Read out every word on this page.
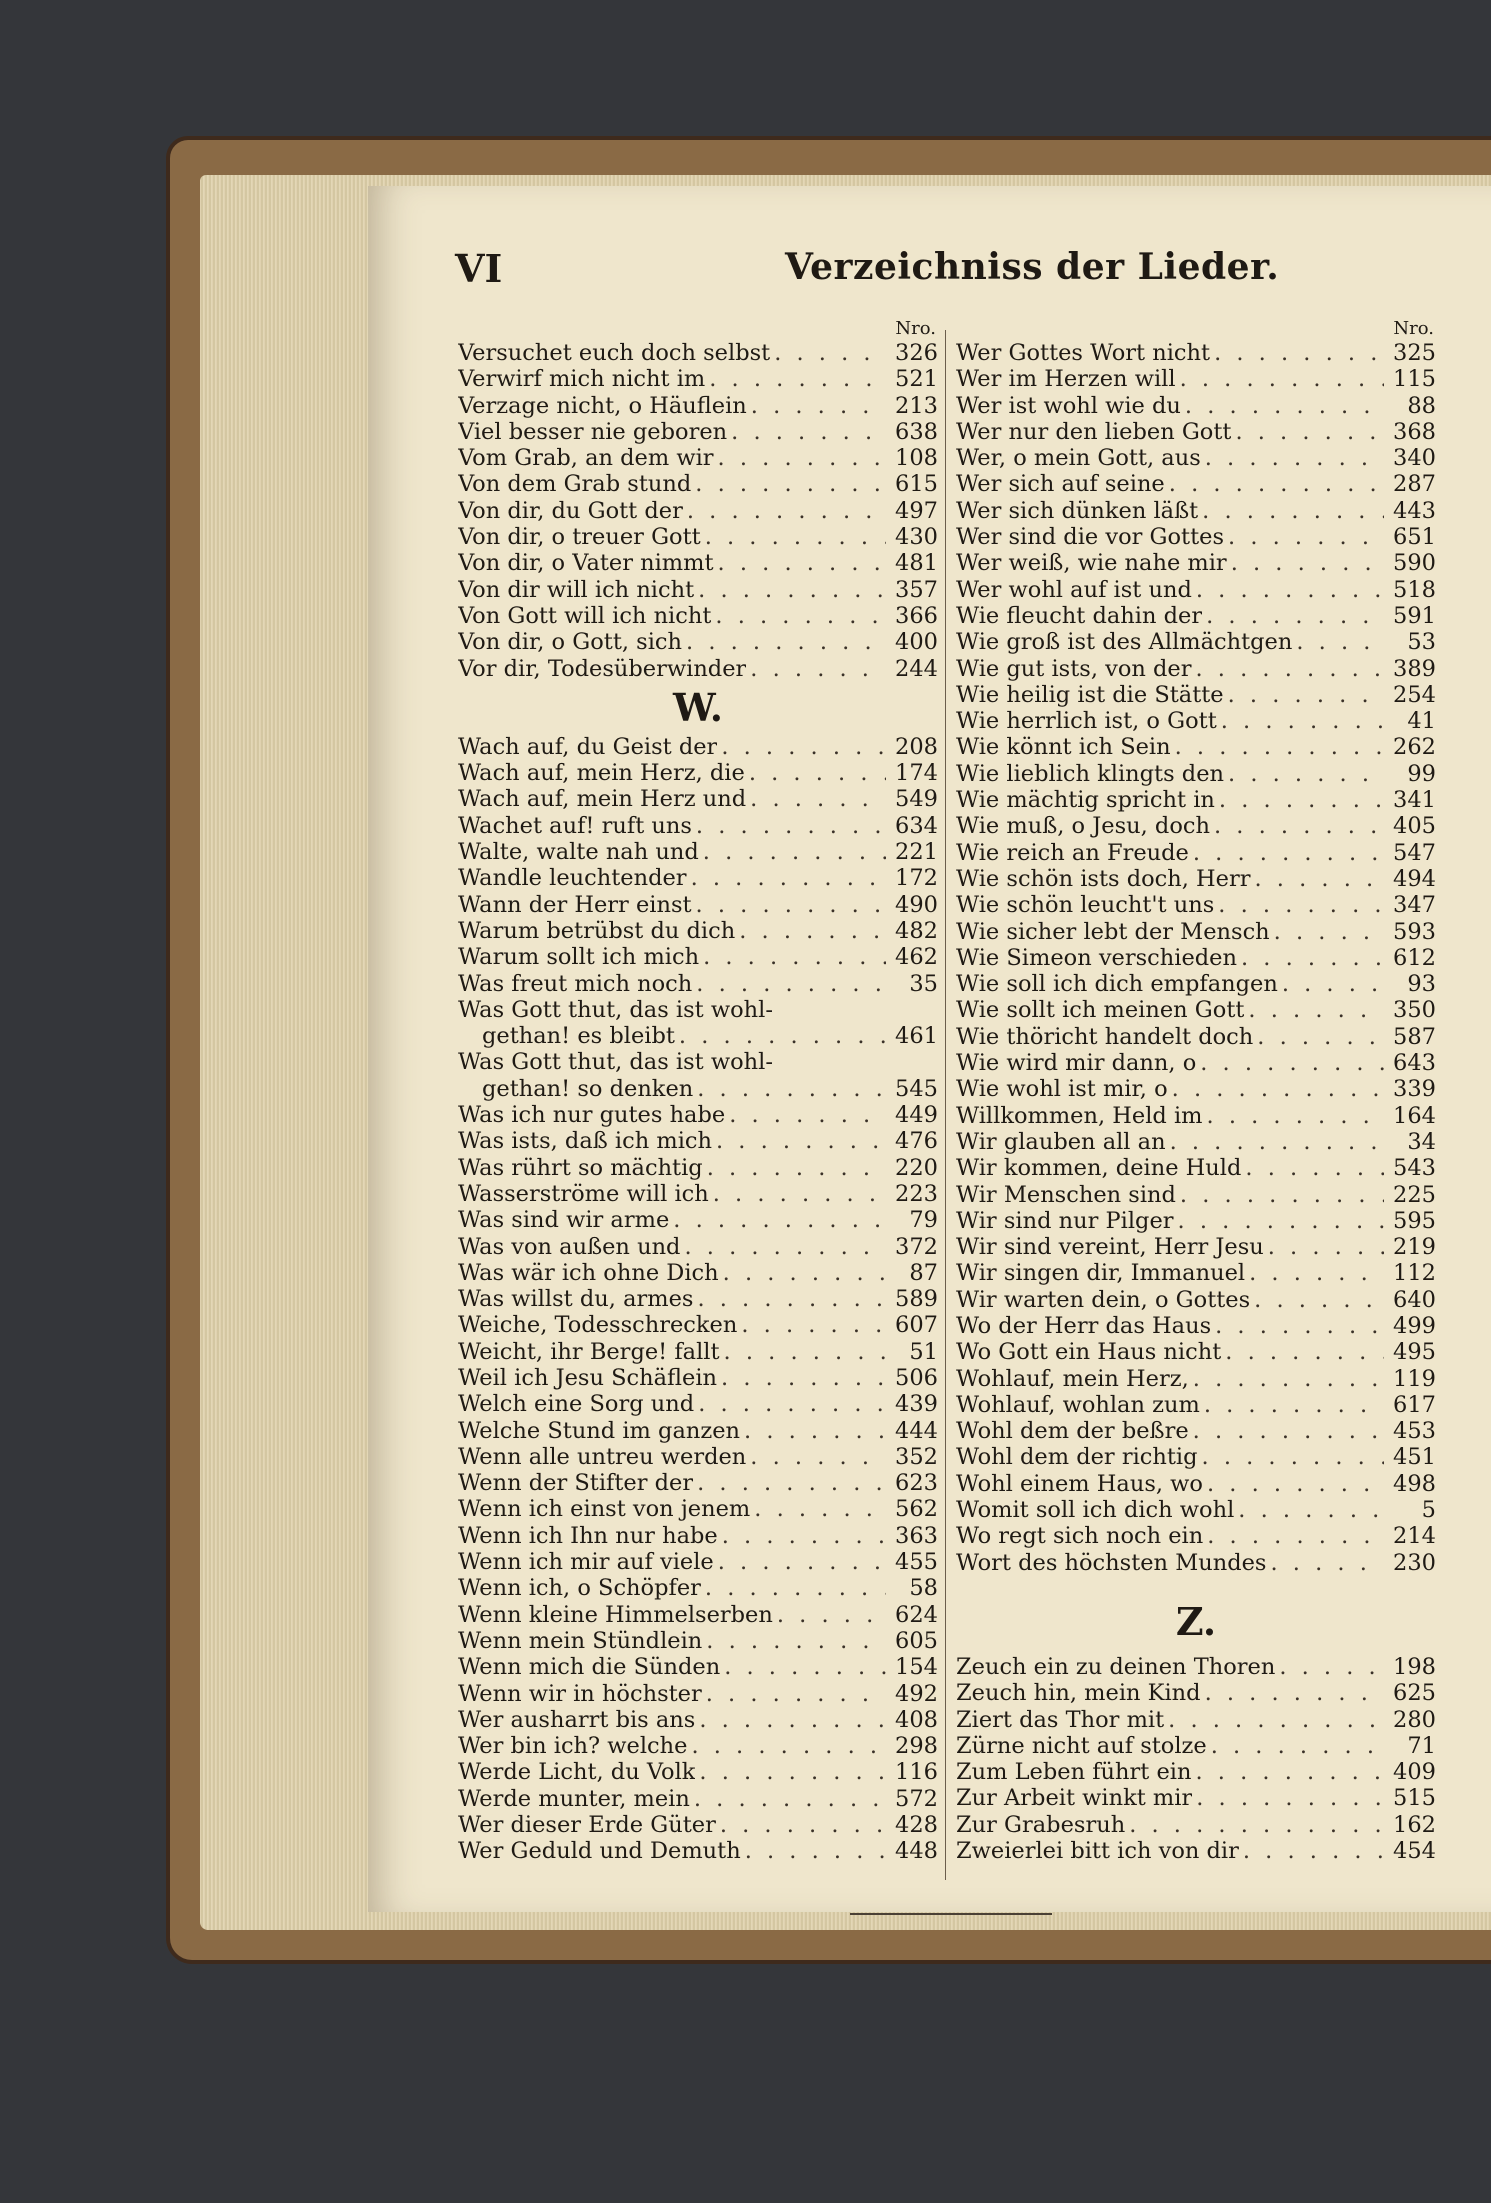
VI	Verzeichniss der Lieder.
Nro.
Versuchet euch doch selbst . . .	326
Verwirf mich nicht im . . .	521
Verzage nicht, o Häuflein . . .	213
Viel besser nie geboren . . .	638
Vom Grab, an dem wir . . .	108
Von dem Grab stund . . .	615
Von dir, du Gott der . . .	497
Von dir, o treuer Gott . . .	430
Von dir, o Vater nimmt . . .	481
Von dir will ich nicht . . .	357
Von Gott will ich nicht . . .	366
Von dir, o Gott, sich . . .	400
Vor dir, Todesüberwinder . . .	244
W.
Wach auf, du Geist der . . .	208
Wach auf, mein Herz, die . . .	174
Wach auf, mein Herz und . . .	549
Wachet auf! ruft uns . . .	634
Walte, walte nah und . . .	221
Wandle leuchtender . . .	172
Wann der Herr einst . . .	490
Warum betrübst du dich . . .	482
Warum sollt ich mich . . .	462
Was freut mich noch . . .	35
Was Gott thut, das ist wohl-
gethan! es bleibt . . .	461
Was Gott thut, das ist wohl-
gethan! so denken . . .	545
Was ich nur gutes habe . . .	449
Was ists, daß ich mich . . .	476
Was rührt so mächtig . . .	220
Wasserströme will ich . . .	223
Was sind wir arme . . .	79
Was von außen und . . .	372
Was wär ich ohne Dich . . .	87
Was willst du, armes . . .	589
Weiche, Todesschrecken . . .	607
Weicht, ihr Berge! fallt . . .	51
Weil ich Jesu Schäflein . . .	506
Welch eine Sorg und . . .	439
Welche Stund im ganzen . . .	444
Wenn alle untreu werden . . .	352
Wenn der Stifter der . . .	623
Wenn ich einst von jenem . . .	562
Wenn ich Ihn nur habe . . .	363
Wenn ich mir auf viele . . .	455
Wenn ich, o Schöpfer . . .	58
Wenn kleine Himmelserben . . .	624
Wenn mein Stündlein . . .	605
Wenn mich die Sünden . . .	154
Wenn wir in höchster . . .	492
Wer ausharrt bis ans . . .	408
Wer bin ich? welche . . .	298
Werde Licht, du Volk . . .	116
Werde munter, mein . . .	572
Wer dieser Erde Güter . . .	428
Wer Geduld und Demuth . . .	448
Nro.
Wer Gottes Wort nicht . . .	325
Wer im Herzen will . . .	115
Wer ist wohl wie du . . .	88
Wer nur den lieben Gott . . .	368
Wer, o mein Gott, aus . . .	340
Wer sich auf seine . . .	287
Wer sich dünken läßt . . .	443
Wer sind die vor Gottes . . .	651
Wer weiß, wie nahe mir . . .	590
Wer wohl auf ist und . . .	518
Wie fleucht dahin der . . .	591
Wie groß ist des Allmächtgen . . .	53
Wie gut ists, von der . . .	389
Wie heilig ist die Stätte . . .	254
Wie herrlich ist, o Gott . . .	41
Wie könnt ich Sein . . .	262
Wie lieblich klingts den . . .	99
Wie mächtig spricht in . . .	341
Wie muß, o Jesu, doch . . .	405
Wie reich an Freude . . .	547
Wie schön ists doch, Herr . . .	494
Wie schön leucht't uns . . .	347
Wie sicher lebt der Mensch . . .	593
Wie Simeon verschieden . . .	612
Wie soll ich dich empfangen . . .	93
Wie sollt ich meinen Gott . . .	350
Wie thöricht handelt doch . . .	587
Wie wird mir dann, o . . .	643
Wie wohl ist mir, o . . .	339
Willkommen, Held im . . .	164
Wir glauben all an . . .	34
Wir kommen, deine Huld . . .	543
Wir Menschen sind . . .	225
Wir sind nur Pilger . . .	595
Wir sind vereint, Herr Jesu . . .	219
Wir singen dir, Immanuel . . .	112
Wir warten dein, o Gottes . . .	640
Wo der Herr das Haus . . .	499
Wo Gott ein Haus nicht . . .	495
Wohlauf, mein Herz, . . .	119
Wohlauf, wohlan zum . . .	617
Wohl dem der beßre . . .	453
Wohl dem der richtig . . .	451
Wohl einem Haus, wo . . .	498
Womit soll ich dich wohl . . .	5
Wo regt sich noch ein . . .	214
Wort des höchsten Mundes . . .	230
Z.
Zeuch ein zu deinen Thoren . . .	198
Zeuch hin, mein Kind . . .	625
Ziert das Thor mit . . .	280
Zürne nicht auf stolze . . .	71
Zum Leben führt ein . . .	409
Zur Arbeit winkt mir . . .	515
Zur Grabesruh . . .	162
Zweierlei bitt ich von dir . . .	454
